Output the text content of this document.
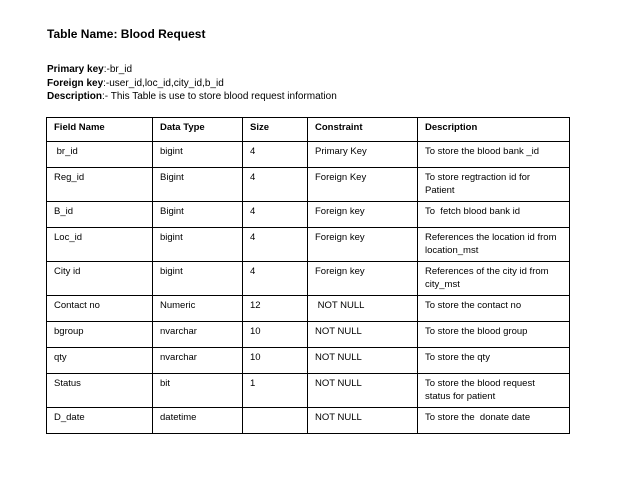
Table Name: Blood Request
Primary key:-br_id
Foreign key:-user_id,loc_id,city_id,b_id
Description:- This Table is use to store blood request information
Field Name	Data Type	Size	Constraint	Description
br_id	bigint	4	Primary Key	To store the blood bank _id
Reg_id	Bigint	4	Foreign Key	To store regtraction id for Patient
B_id	Bigint	4	Foreign key	To  fetch blood bank id
Loc_id	bigint	4	Foreign key	References the location id from location_mst
City id	bigint	4	Foreign key	References of the city id from city_mst
Contact no	Numeric	12	NOT NULL	To store the contact no
bgroup	nvarchar	10	NOT NULL	To store the blood group
qty	nvarchar	10	NOT NULL	To store the qty
Status	bit	1	NOT NULL	To store the blood request status for patient
D_date	datetime		NOT NULL	To store the  donate date
